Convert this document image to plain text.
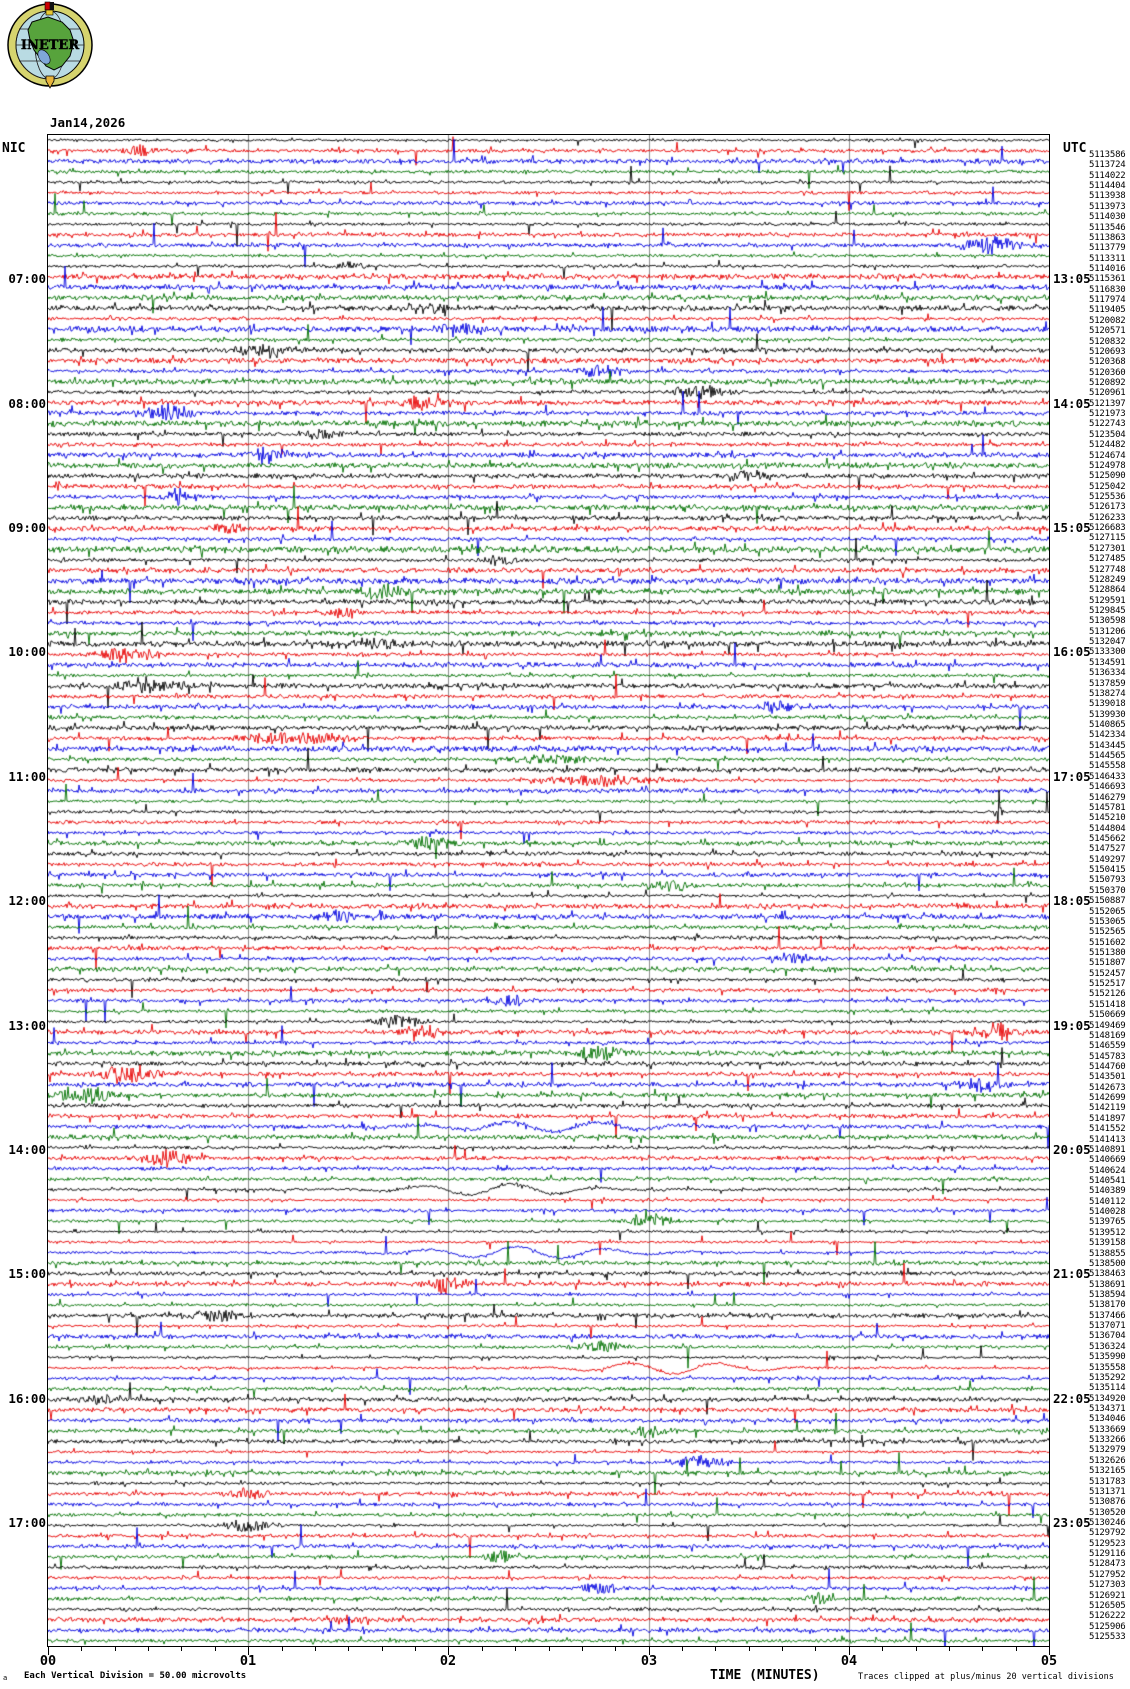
INETER

Jan14,2026

NIC	UTC
07:00
08:00
09:00
10:00
11:00
12:00
13:00
14:00
15:00
16:00
17:00
13:05
14:05
15:05
16:05
17:05
18:05
19:05
20:05
21:05
22:05
23:05
5113586
5113724
5114022
5114404
5113938
5113973
5114030
5113546
5113863
5113779
5113311
5114016
5115361
5116830
5117974
5119405
5120082
5120571
5120832
5120693
5120368
5120360
5120892
5120961
5121397
5121973
5122743
5123504
5124482
5124674
5124978
5125090
5125042
5125536
5126173
5126233
5126683
5127115
5127301
5127485
5127748
5128249
5128864
5129591
5129845
5130598
5131206
5132047
5133300
5134591
5136334
5137859
5138274
5139018
5139930
5140865
5142334
5143445
5144565
5145558
5146433
5146693
5146279
5145781
5145210
5144804
5145662
5147527
5149297
5150415
5150793
5150370
5150887
5152065
5153065
5152565
5151602
5151380
5151807
5152457
5152517
5152126
5151418
5150669
5149469
5148169
5146559
5145783
5144760
5143501
5142673
5142699
5142119
5141897
5141552
5141413
5140891
5140669
5140624
5140541
5140389
5140112
5140028
5139765
5139512
5139158
5138855
5138500
5138463
5138691
5138594
5138170
5137466
5137071
5136704
5136324
5135990
5135558
5135292
5135114
5134920
5134371
5134046
5133669
5133266
5132979
5132626
5132165
5131783
5131371
5130876
5130520
5130246
5129792
5129523
5129116
5128473
5127952
5127303
5126921
5126505
5126222
5125906
5125533
00	01	02	03	04	05
TIME (MINUTES)
a Each Vertical Division = 50.00 microvolts	Traces clipped at plus/minus 20 vertical divisions
